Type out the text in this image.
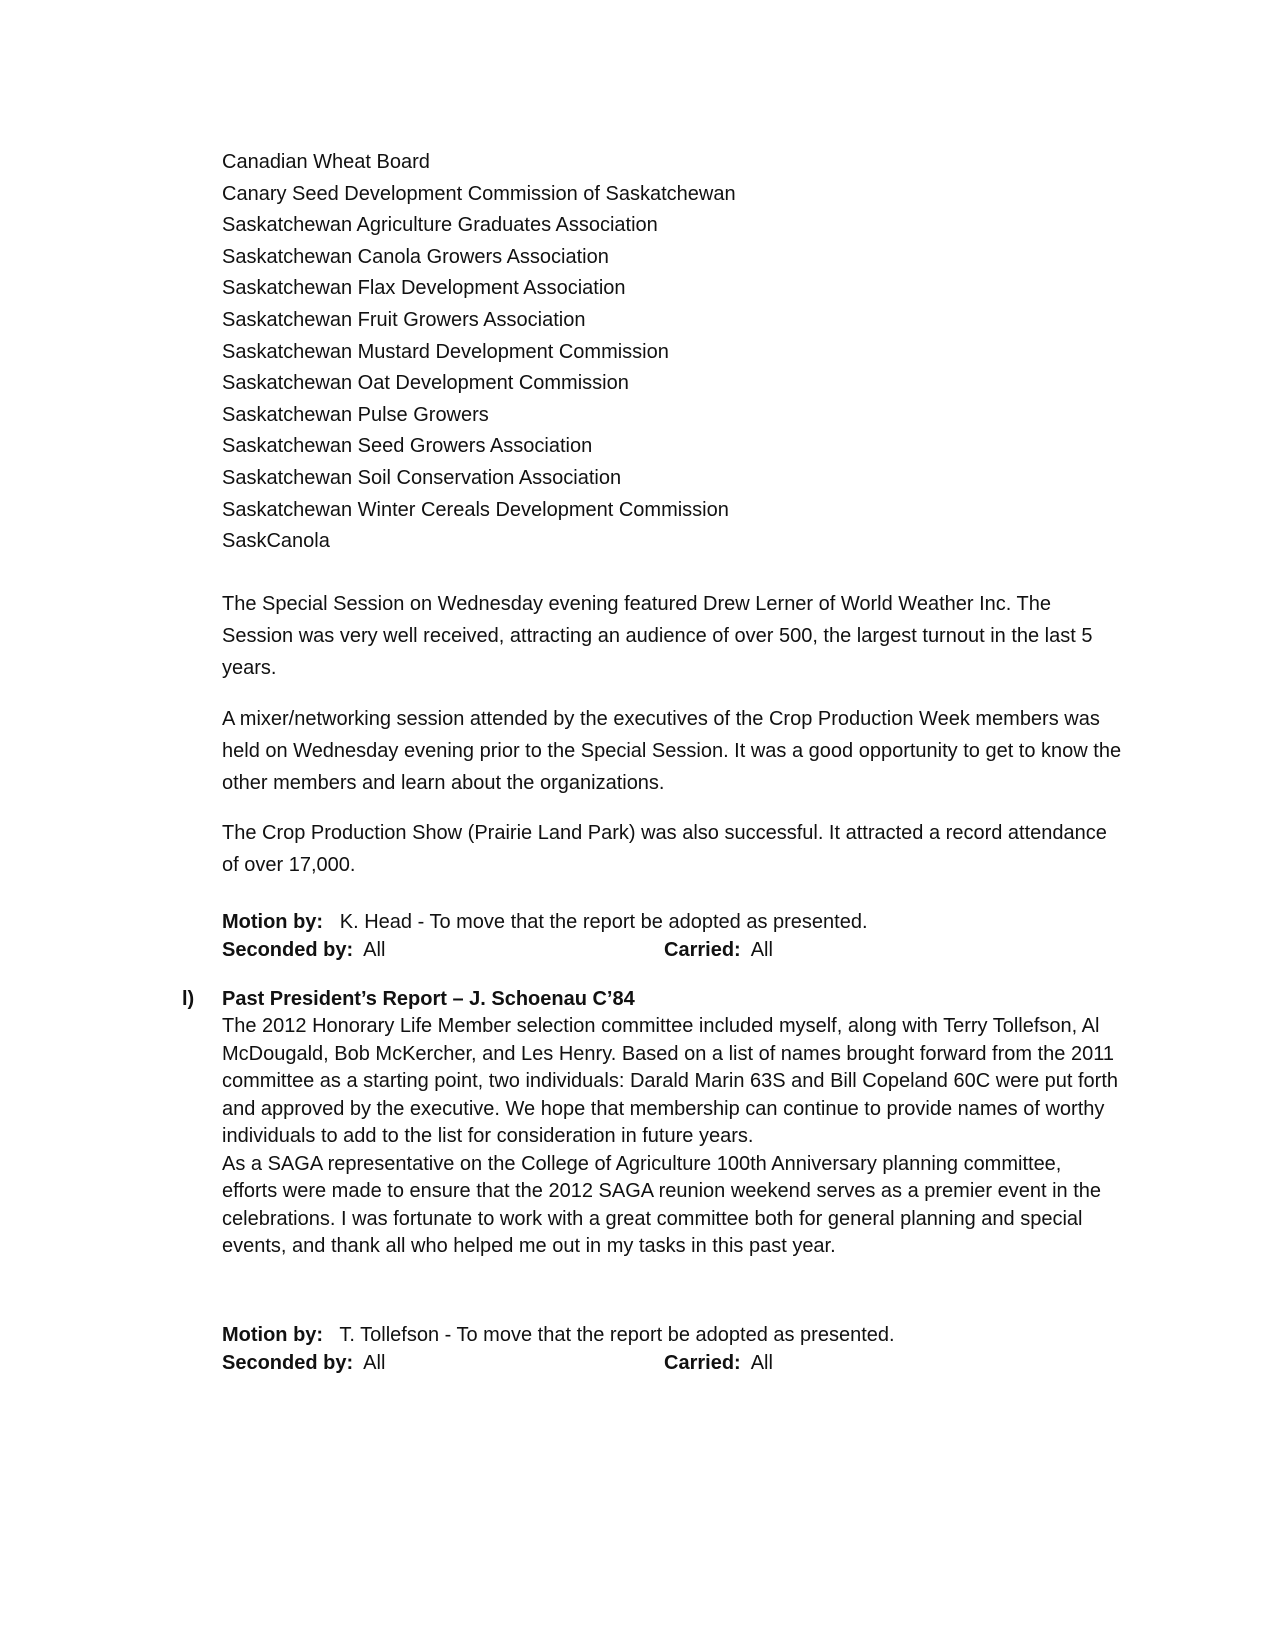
Canadian Wheat Board
Canary Seed Development Commission of Saskatchewan
Saskatchewan Agriculture Graduates Association
Saskatchewan Canola Growers Association
Saskatchewan Flax Development Association
Saskatchewan Fruit Growers Association
Saskatchewan Mustard Development Commission
Saskatchewan Oat Development Commission
Saskatchewan Pulse Growers
Saskatchewan Seed Growers Association
Saskatchewan Soil Conservation Association
Saskatchewan Winter Cereals Development Commission
SaskCanola

The Special Session on Wednesday evening featured Drew Lerner of World Weather Inc. The Session was very well received, attracting an audience of over 500, the largest turnout in the last 5 years.

A mixer/networking session attended by the executives of the Crop Production Week members was held on Wednesday evening prior to the Special Session. It was a good opportunity to get to know the other members and learn about the organizations.

The Crop Production Show (Prairie Land Park) was also successful. It attracted a record attendance of over 17,000.

Motion by: K. Head - To move that the report be adopted as presented.
Seconded by: All	Carried: All
l) Past President’s Report – J. Schoenau C’84

The 2012 Honorary Life Member selection committee included myself, along with Terry Tollefson, Al McDougald, Bob McKercher, and Les Henry. Based on a list of names brought forward from the 2011 committee as a starting point, two individuals: Darald Marin 63S and Bill Copeland 60C were put forth and approved by the executive. We hope that membership can continue to provide names of worthy individuals to add to the list for consideration in future years.

As a SAGA representative on the College of Agriculture 100th Anniversary planning committee, efforts were made to ensure that the 2012 SAGA reunion weekend serves as a premier event in the celebrations. I was fortunate to work with a great committee both for general planning and special events, and thank all who helped me out in my tasks in this past year.

Motion by: T. Tollefson - To move that the report be adopted as presented.
Seconded by: All	Carried: All
